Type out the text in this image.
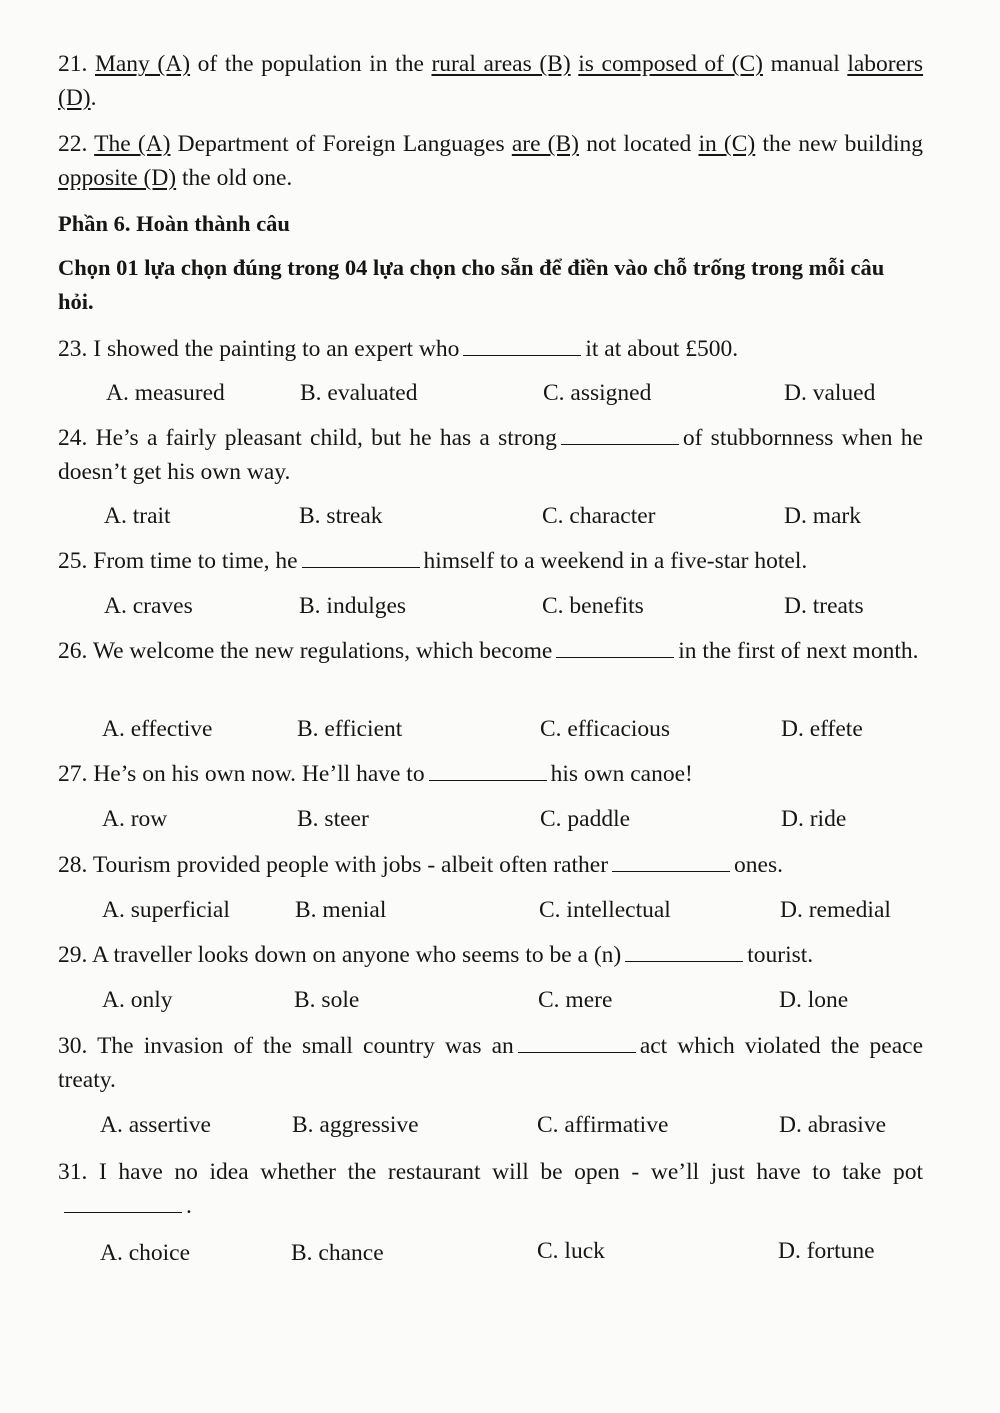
21. Many (A) of the population in the rural areas (B) is composed of (C) manual laborers (D).
22. The (A) Department of Foreign Languages are (B) not located in (C) the new building opposite (D) the old one.
Phần 6. Hoàn thành câu
Chọn 01 lựa chọn đúng trong 04 lựa chọn cho sẵn để điền vào chỗ trống trong mỗi câu hỏi.
23. I showed the painting to an expert who	it at about £500.
A. measured	B. evaluated	C. assigned	D. valued
24. He’s a fairly pleasant child, but he has a strong	of stubbornness when he doesn’t get his own way.
A. trait	B. streak	C. character	D. mark
25. From time to time, he	himself to a weekend in a five-star hotel.
A. craves	B. indulges	C. benefits	D. treats
26. We welcome the new regulations, which become	in the first of next month.
A. effective	B. efficient	C. efficacious	D. effete
27. He’s on his own now. He’ll have to	his own canoe!
A. row	B. steer	C. paddle	D. ride
28. Tourism provided people with jobs - albeit often rather	ones.
A. superficial	B. menial	C. intellectual	D. remedial
29. A traveller looks down on anyone who seems to be a (n)	tourist.
A. only	B. sole	C. mere	D. lone
30. The invasion of the small country was an	act which violated the peace treaty.
A. assertive	B. aggressive	C. affirmative	D. abrasive
31. I have no idea whether the restaurant will be open - we’ll just have to take pot.
A. choice	B. chance	C. luck	D. fortune
